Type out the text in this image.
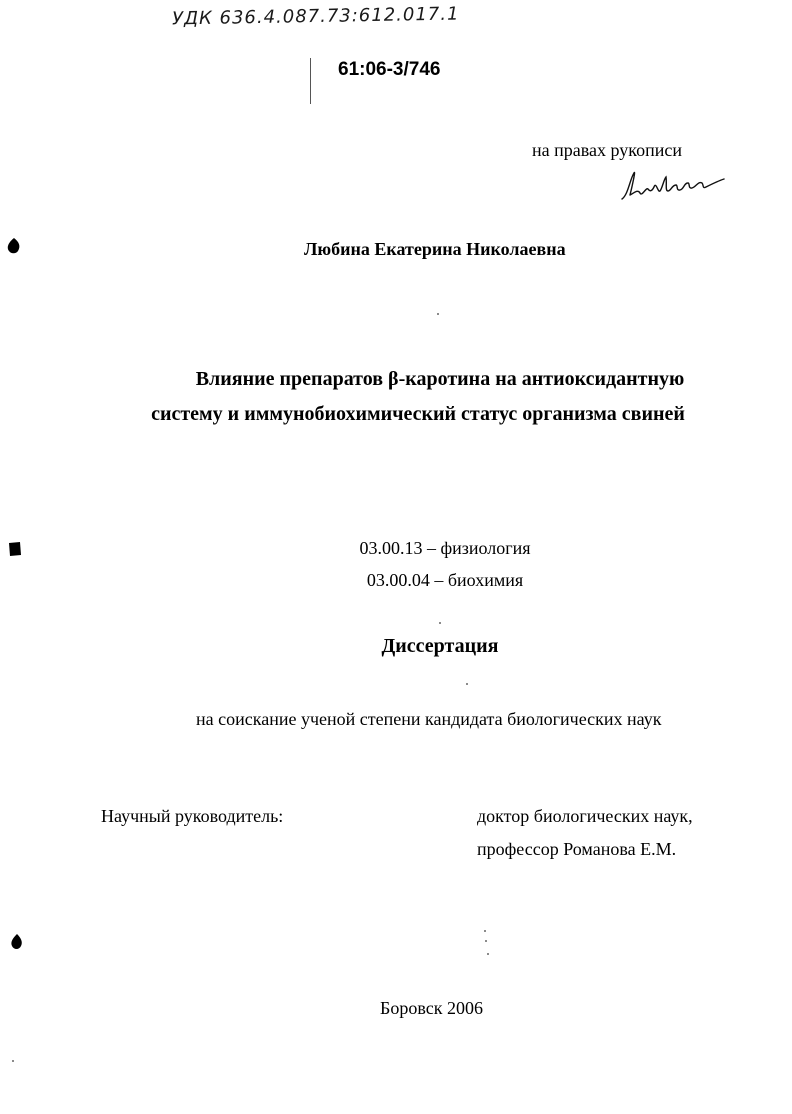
УДК 636.4.087.73:612.017.1
61:06-3/746
на правах рукописи
Любина Екатерина Николаевна
Влияние препаратов β-каротина на антиоксидантную
систему и иммунобиохимический статус организма свиней
03.00.13 – физиология
03.00.04 – биохимия
Диссертация
на соискание ученой степени кандидата биологических наук
Научный руководитель:	доктор биологических наук,
профессор Романова Е.М.
Боровск 2006
